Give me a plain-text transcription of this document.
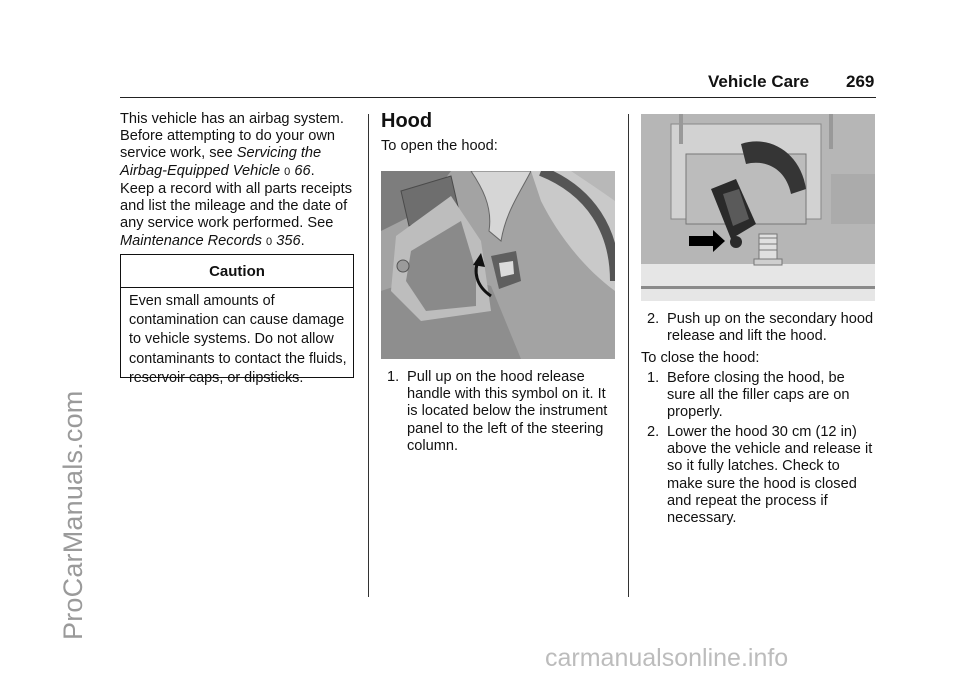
ProCarManuals.com
Vehicle Care 269
This vehicle has an airbag system. Before attempting to do your own service work, see Servicing the Airbag-Equipped Vehicle 0 66.
Keep a record with all parts receipts and list the mileage and the date of any service work performed. See Maintenance Records 0 356.
Caution
Even small amounts of contamination can cause damage to vehicle systems. Do not allow contaminants to contact the fluids, reservoir caps, or dipsticks.
Hood
To open the hood:
1. Pull up on the hood release handle with this symbol on it. It is located below the instrument panel to the left of the steering column.
2. Push up on the secondary hood release and lift the hood.
To close the hood:
1. Before closing the hood, be sure all the filler caps are on properly.
2. Lower the hood 30 cm (12 in) above the vehicle and release it so it fully latches. Check to make sure the hood is closed and repeat the process if necessary.
carmanualsonline.info
